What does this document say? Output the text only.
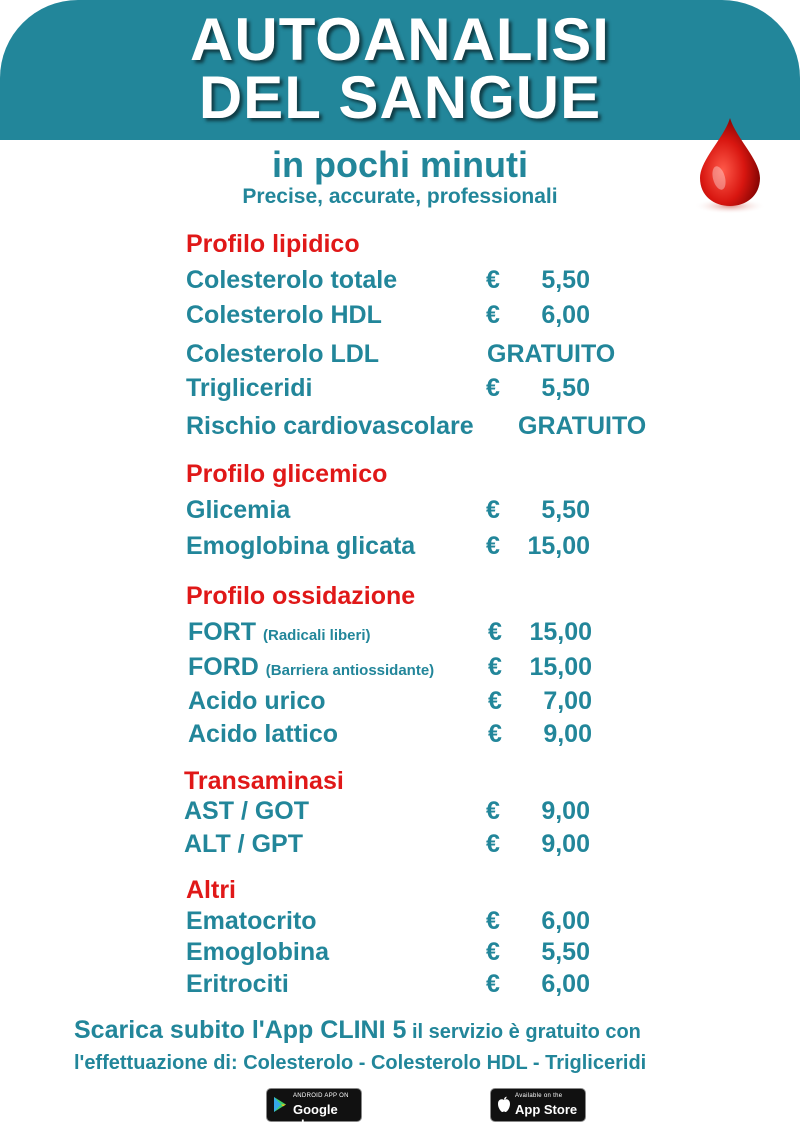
AUTOANALISI
DEL SANGUE
in pochi minuti
Precise, accurate, professionali
Profilo lipidico
Colesterolo totale	€	5,50
Colesterolo HDL	€	6,00
Colesterolo LDL	GRATUITO
Trigliceridi	€	5,50
Rischio cardiovascolare GRATUITO
Profilo glicemico
Glicemia	€	5,50
Emoglobina glicata	€	15,00
Profilo ossidazione
FORT (Radicali liberi)	€	15,00
FORD (Barriera antiossidante) €	15,00
Acido urico	€	7,00
Acido lattico	€	9,00
Transaminasi
AST / GOT	€	9,00
ALT / GPT	€	9,00
Altri
Ematocrito	€	6,00
Emoglobina	€	5,50
Eritrociti	€	6,00
Scarica subito l'App CLINI 5 il servizio è gratuito con
l'effettuazione di: Colesterolo - Colesterolo HDL - Trigliceridi
ANDROID APP ON
Google play
Available on the
App Store
